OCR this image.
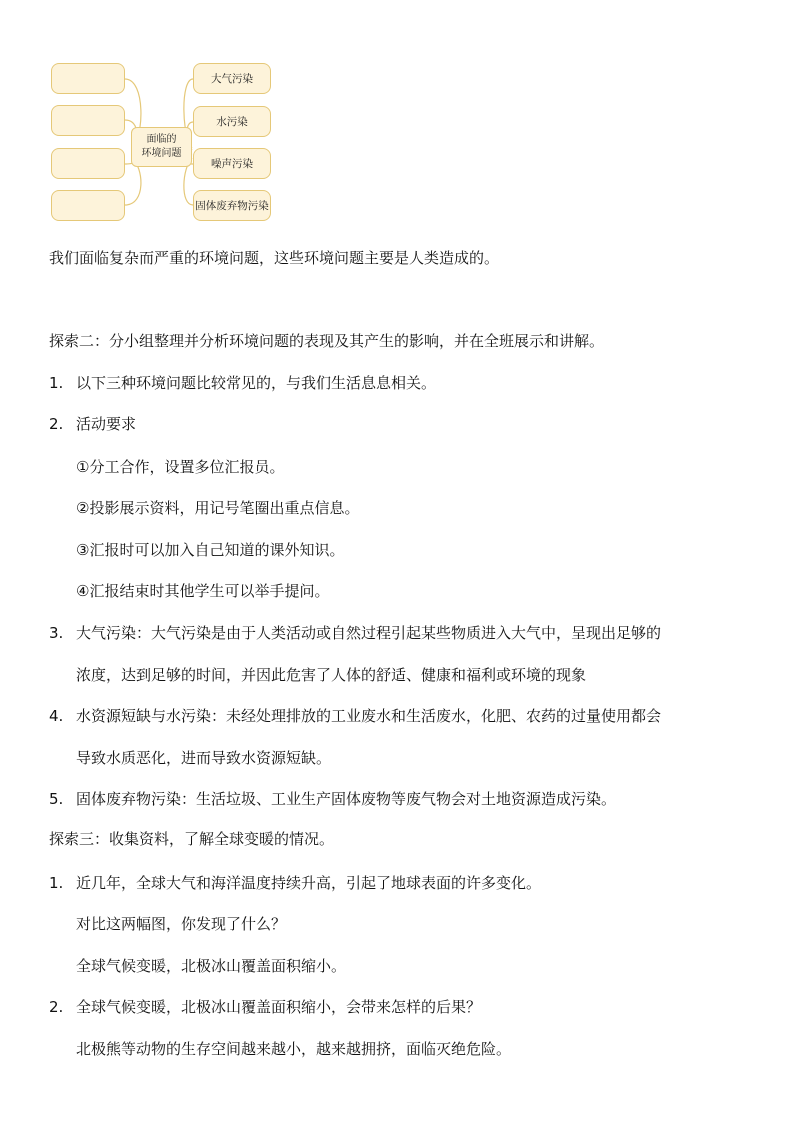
面临的
环境问题
大气污染
水污染
噪声污染
固体废弃物污染
我们面临复杂而严重的环境问题，这些环境问题主要是人类造成的。
探索二：分小组整理并分析环境问题的表现及其产生的影响，并在全班展示和讲解。
1. 以下三种环境问题比较常见的，与我们生活息息相关。
2. 活动要求
①分工合作，设置多位汇报员。
②投影展示资料，用记号笔圈出重点信息。
③汇报时可以加入自己知道的课外知识。
④汇报结束时其他学生可以举手提问。
3. 大气污染：大气污染是由于人类活动或自然过程引起某些物质进入大气中，呈现出足够的
浓度，达到足够的时间，并因此危害了人体的舒适、健康和福利或环境的现象
4. 水资源短缺与水污染：未经处理排放的工业废水和生活废水，化肥、农药的过量使用都会
导致水质恶化，进而导致水资源短缺。
5. 固体废弃物污染：生活垃圾、工业生产固体废物等废气物会对土地资源造成污染。
探索三：收集资料，了解全球变暖的情况。
1. 近几年，全球大气和海洋温度持续升高，引起了地球表面的许多变化。
对比这两幅图，你发现了什么？
全球气候变暖，北极冰山覆盖面积缩小。
2. 全球气候变暖，北极冰山覆盖面积缩小，会带来怎样的后果？
北极熊等动物的生存空间越来越小，越来越拥挤，面临灭绝危险。
